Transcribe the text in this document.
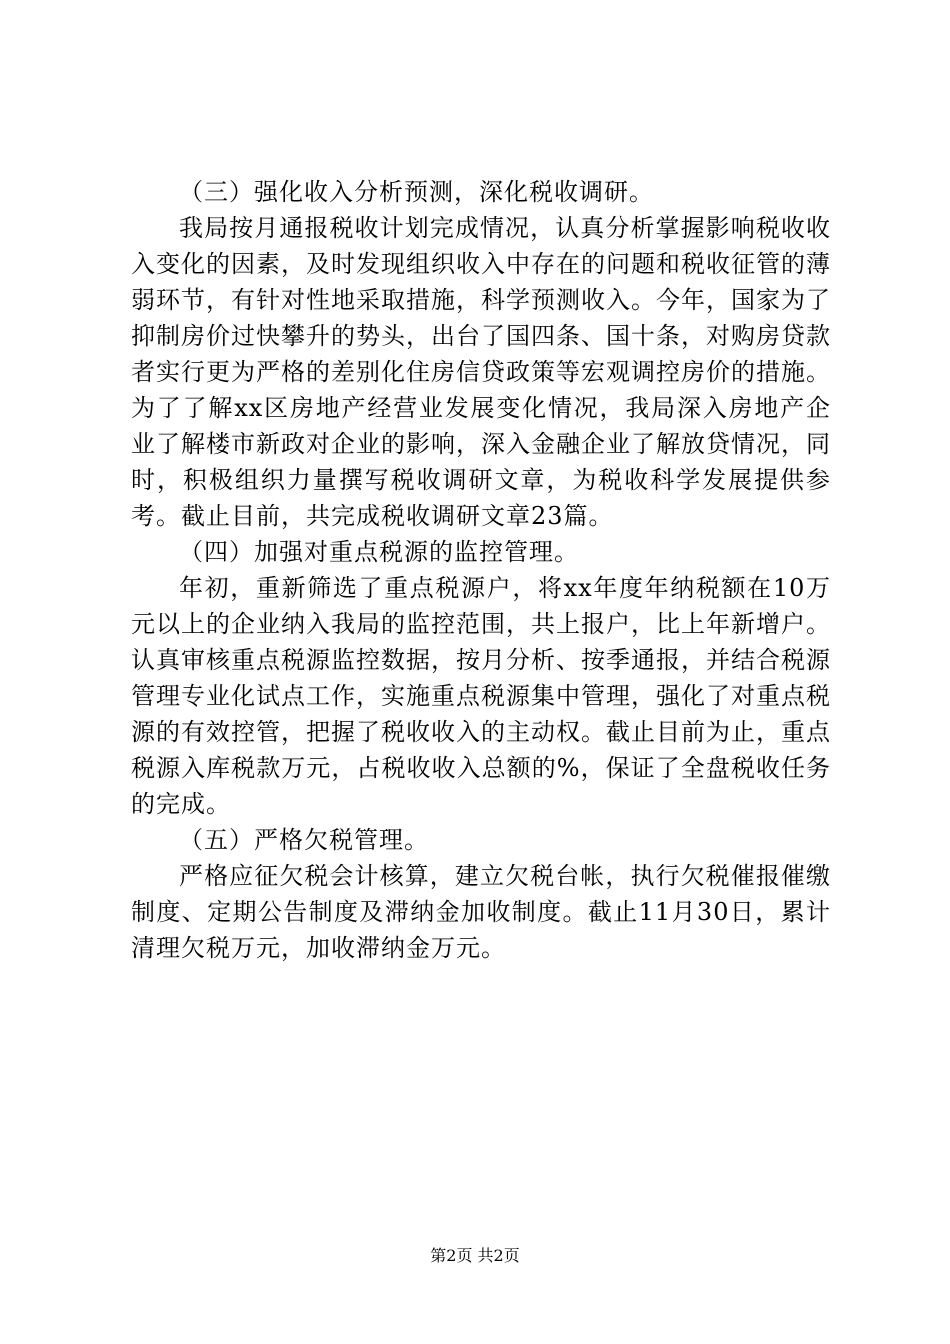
（三）强化收入分析预测，深化税收调研。

我局按月通报税收计划完成情况，认真分析掌握影响税收收入变化的因素，及时发现组织收入中存在的问题和税收征管的薄弱环节，有针对性地采取措施，科学预测收入。今年，国家为了抑制房价过快攀升的势头，出台了国四条、国十条，对购房贷款者实行更为严格的差别化住房信贷政策等宏观调控房价的措施。为了了解xx区房地产经营业发展变化情况，我局深入房地产企业了解楼市新政对企业的影响，深入金融企业了解放贷情况，同时，积极组织力量撰写税收调研文章，为税收科学发展提供参考。截止目前，共完成税收调研文章23篇。

（四）加强对重点税源的监控管理。

年初，重新筛选了重点税源户，将xx年度年纳税额在10万元以上的企业纳入我局的监控范围，共上报户，比上年新增户。认真审核重点税源监控数据，按月分析、按季通报，并结合税源管理专业化试点工作，实施重点税源集中管理，强化了对重点税源的有效控管，把握了税收收入的主动权。截止目前为止，重点税源入库税款万元，占税收收入总额的%，保证了全盘税收任务的完成。

（五）严格欠税管理。

严格应征欠税会计核算，建立欠税台帐，执行欠税催报催缴制度、定期公告制度及滞纳金加收制度。截止11月30日，累计清理欠税万元，加收滞纳金万元。

第2页 共2页
